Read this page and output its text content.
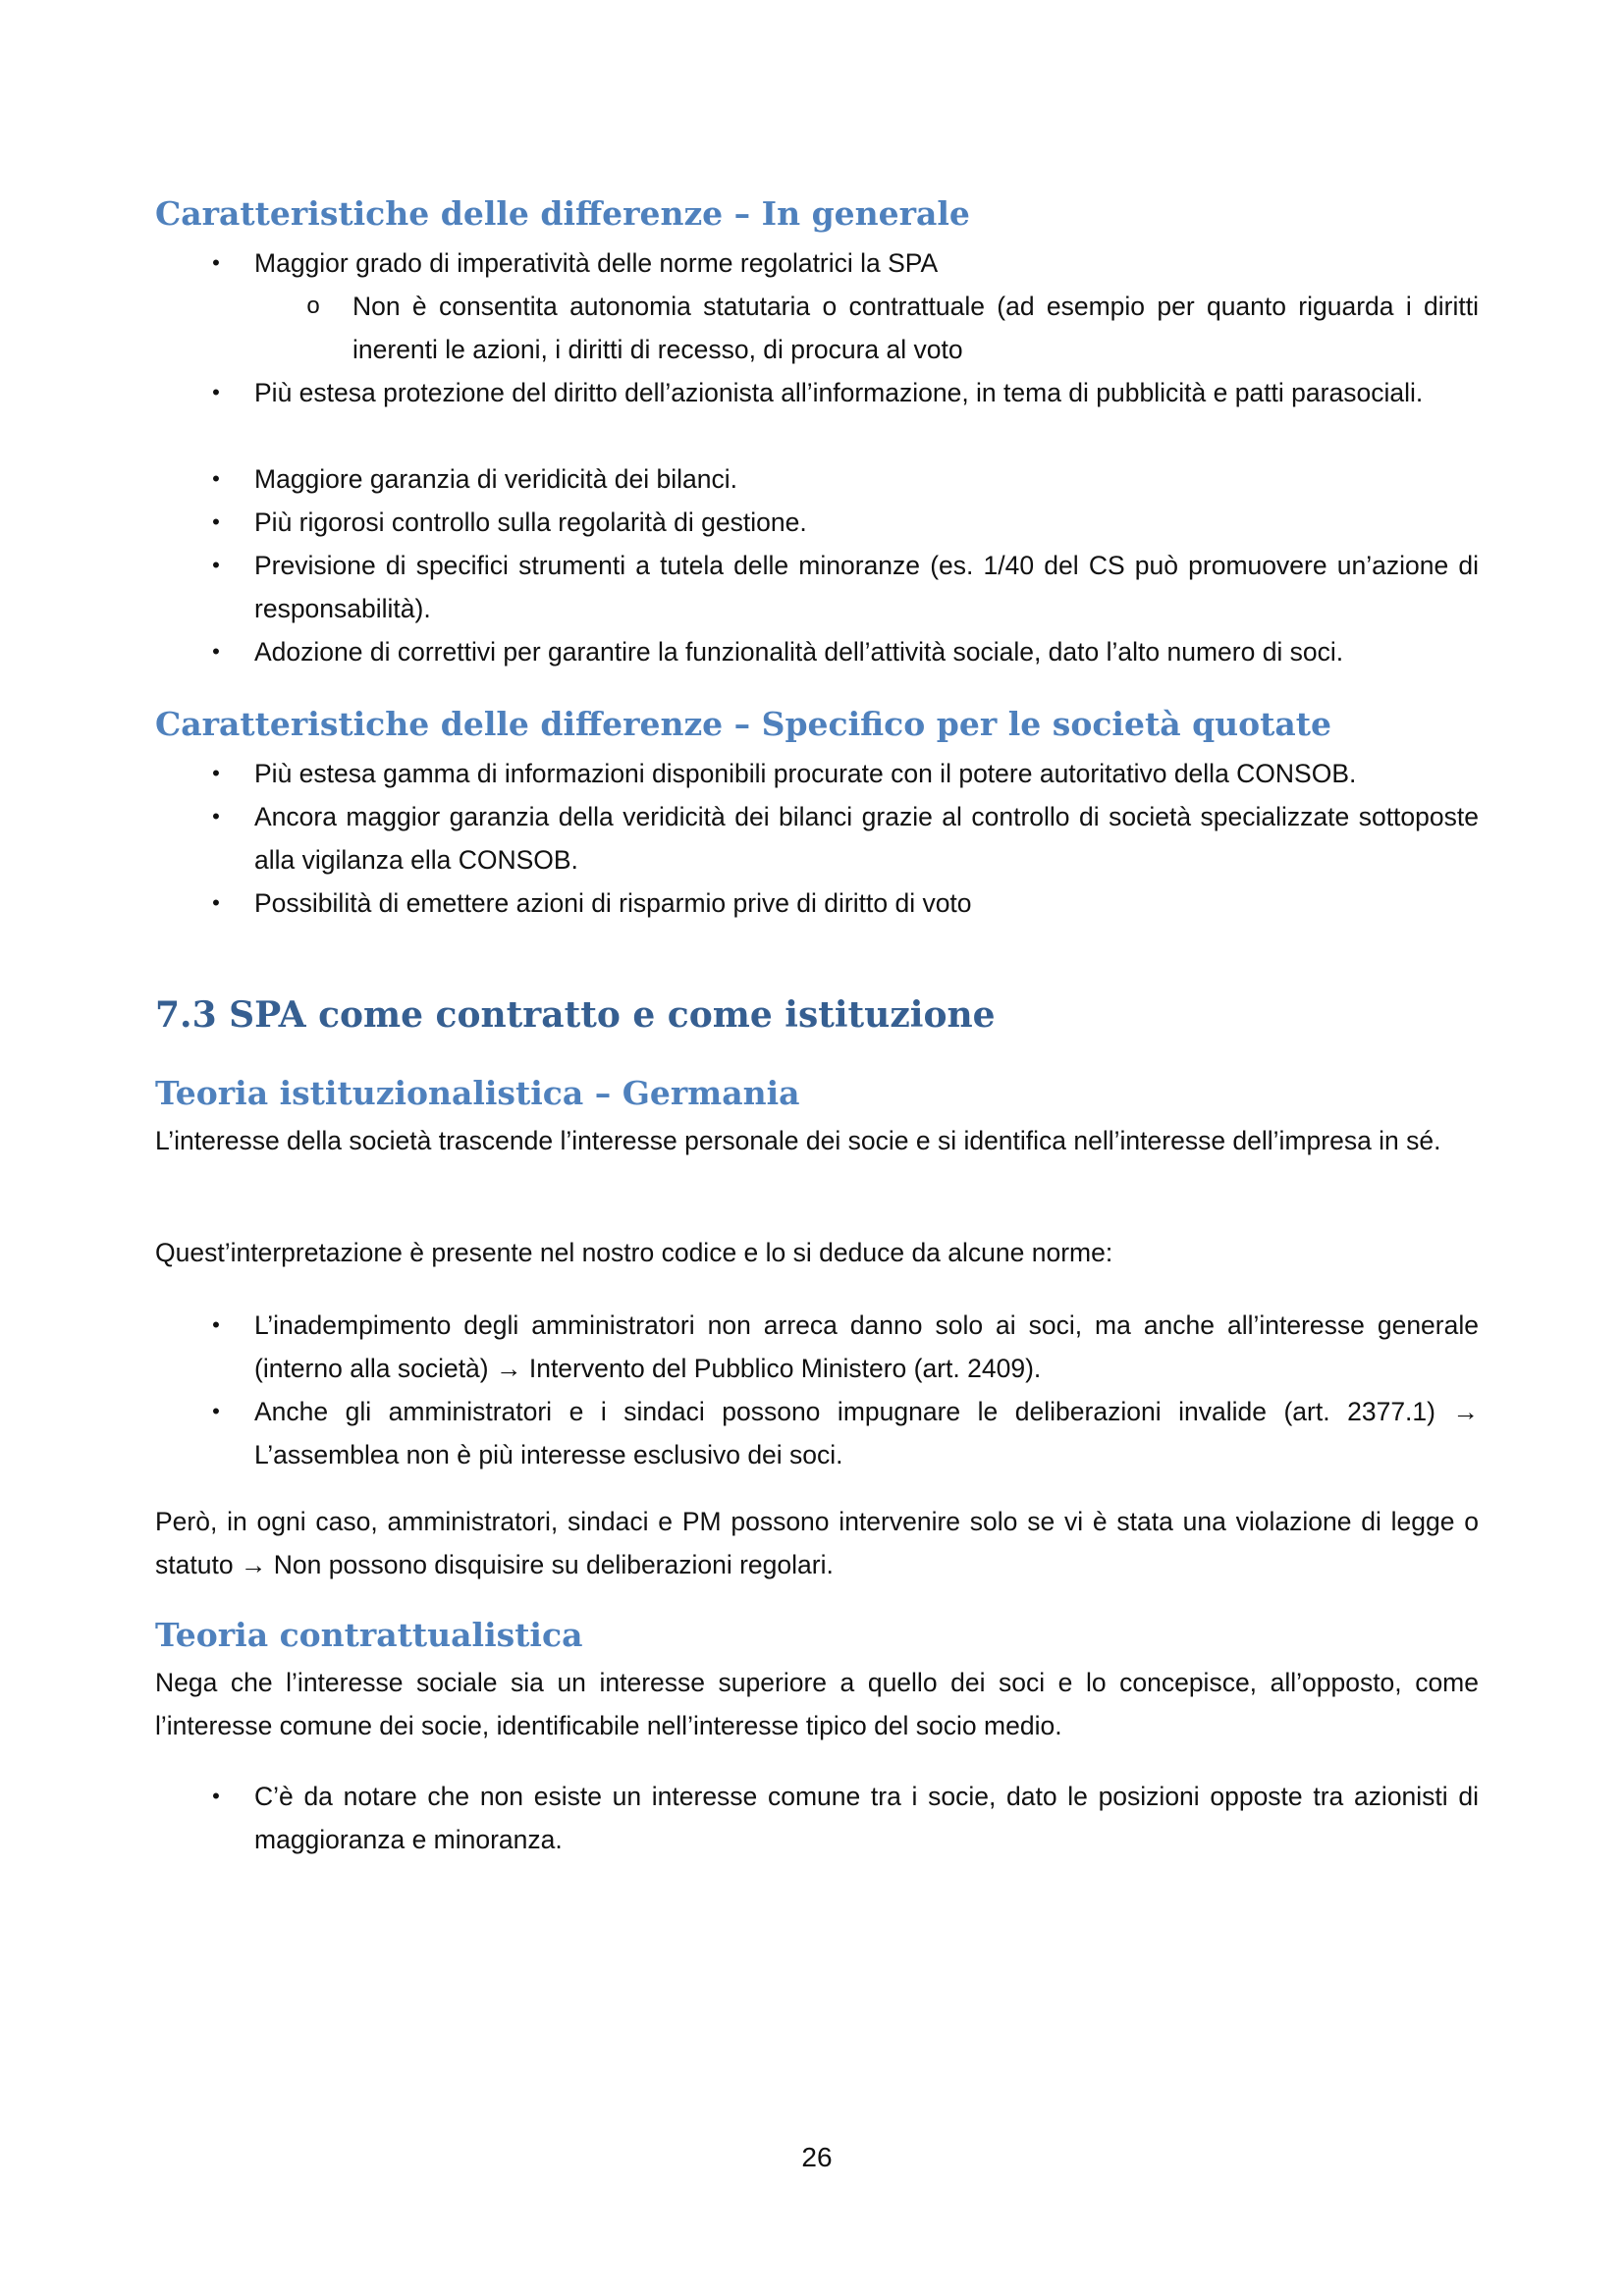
Caratteristiche delle differenze – In generale
• Maggior grado di imperatività delle norme regolatrici la SPA
o Non è consentita autonomia statutaria o contrattuale (ad esempio per quanto riguarda i diritti inerenti le azioni, i diritti di recesso, di procura al voto
• Più estesa protezione del diritto dell’azionista all’informazione, in tema di pubblicità e patti parasociali.
• Maggiore garanzia di veridicità dei bilanci.
• Più rigorosi controllo sulla regolarità di gestione.
• Previsione di specifici strumenti a tutela delle minoranze (es. 1/40 del CS può promuovere un’azione di responsabilità).
• Adozione di correttivi per garantire la funzionalità dell’attività sociale, dato l’alto numero di soci.
Caratteristiche delle differenze – Specifico per le società quotate
• Più estesa gamma di informazioni disponibili procurate con il potere autoritativo della CONSOB.
• Ancora maggior garanzia della veridicità dei bilanci grazie al controllo di società specializzate sottoposte alla vigilanza ella CONSOB.
• Possibilità di emettere azioni di risparmio prive di diritto di voto
7.3 SPA come contratto e come istituzione
Teoria istituzionalistica – Germania
L’interesse della società trascende l’interesse personale dei socie e si identifica nell’interesse dell’impresa in sé.
Quest’interpretazione è presente nel nostro codice e lo si deduce da alcune norme:
• L’inadempimento degli amministratori non arreca danno solo ai soci, ma anche all’interesse generale (interno alla società) → Intervento del Pubblico Ministero (art. 2409).
• Anche gli amministratori e i sindaci possono impugnare le deliberazioni invalide (art. 2377.1) → L’assemblea non è più interesse esclusivo dei soci.
Però, in ogni caso, amministratori, sindaci e PM possono intervenire solo se vi è stata una violazione di legge o statuto → Non possono disquisire su deliberazioni regolari.
Teoria contrattualistica
Nega che l’interesse sociale sia un interesse superiore a quello dei soci e lo concepisce, all’opposto, come l’interesse comune dei socie, identificabile nell’interesse tipico del socio medio.
• C’è da notare che non esiste un interesse comune tra i socie, dato le posizioni opposte tra azionisti di maggioranza e minoranza.
26
